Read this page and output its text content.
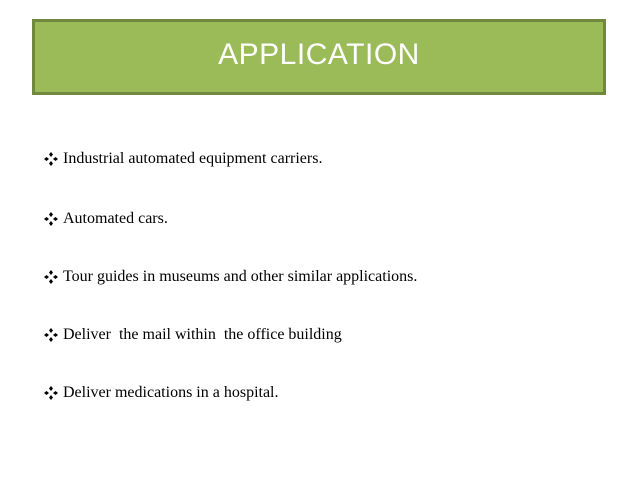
APPLICATION
Industrial automated equipment carriers.
Automated cars.
Tour guides in museums and other similar applications.
Deliver  the mail within  the office building
Deliver medications in a hospital.
